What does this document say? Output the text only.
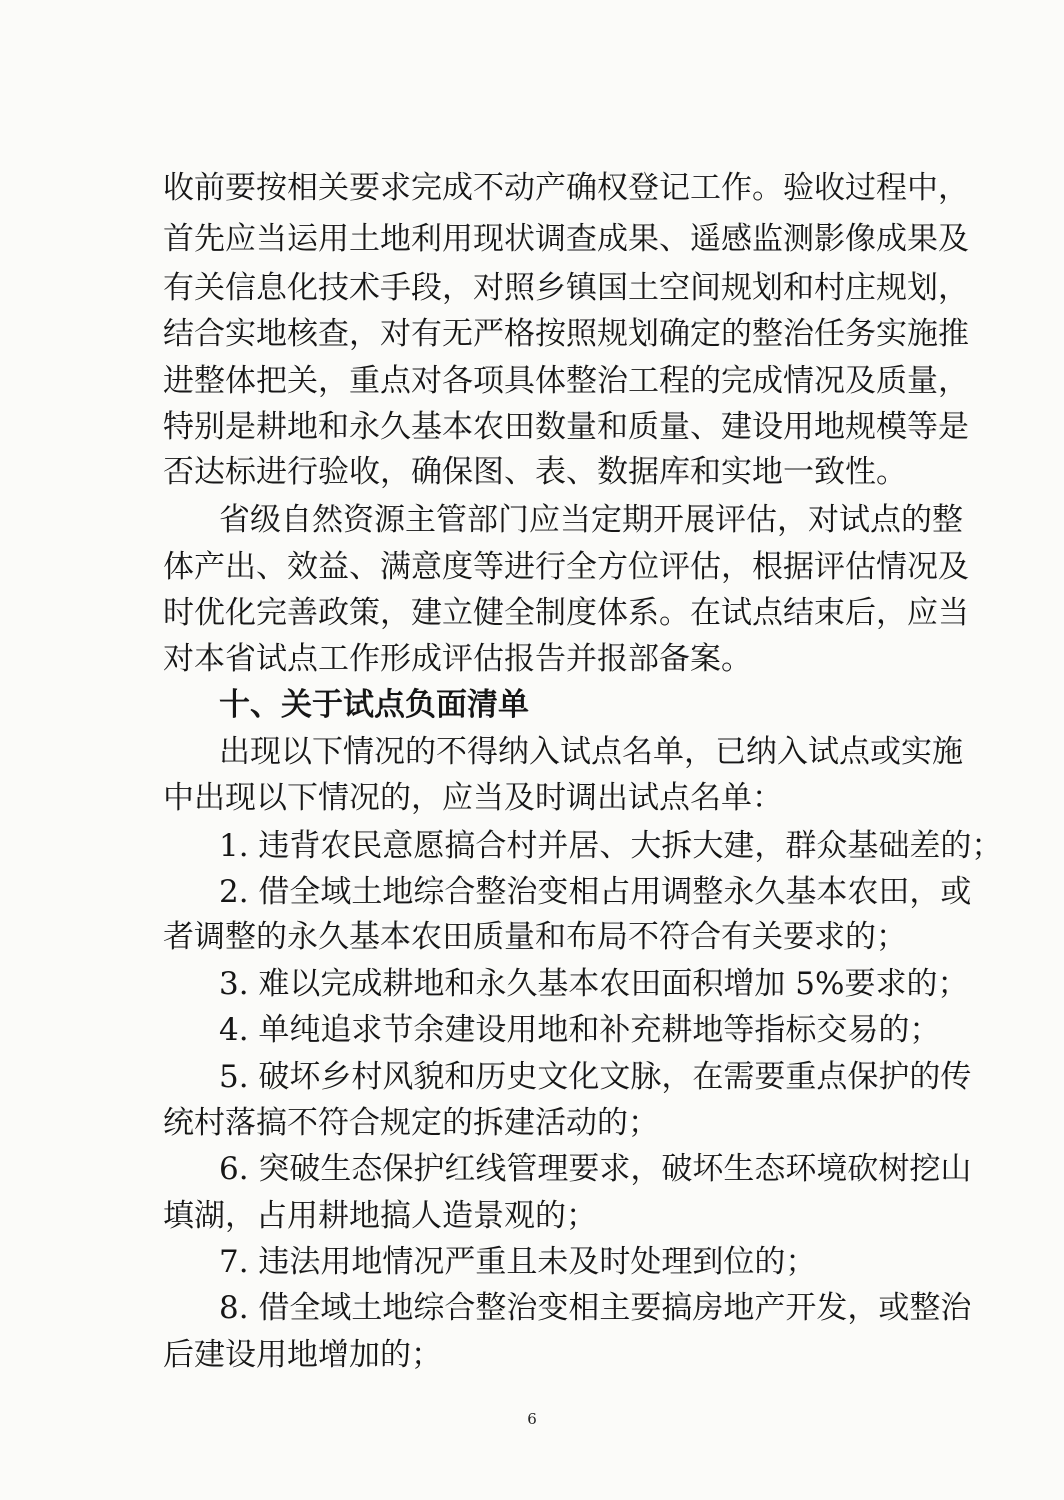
收前要按相关要求完成不动产确权登记工作。验收过程中，
首先应当运用土地利用现状调查成果、遥感监测影像成果及
有关信息化技术手段，对照乡镇国土空间规划和村庄规划，
结合实地核查，对有无严格按照规划确定的整治任务实施推
进整体把关，重点对各项具体整治工程的完成情况及质量，
特别是耕地和永久基本农田数量和质量、建设用地规模等是
否达标进行验收，确保图、表、数据库和实地一致性。
省级自然资源主管部门应当定期开展评估，对试点的整
体产出、效益、满意度等进行全方位评估，根据评估情况及
时优化完善政策，建立健全制度体系。在试点结束后，应当
对本省试点工作形成评估报告并报部备案。
十、关于试点负面清单
出现以下情况的不得纳入试点名单，已纳入试点或实施
中出现以下情况的，应当及时调出试点名单：
1. 违背农民意愿搞合村并居、大拆大建，群众基础差的；
2. 借全域土地综合整治变相占用调整永久基本农田，或
者调整的永久基本农田质量和布局不符合有关要求的；
3. 难以完成耕地和永久基本农田面积增加 5%要求的；
4. 单纯追求节余建设用地和补充耕地等指标交易的；
5. 破坏乡村风貌和历史文化文脉，在需要重点保护的传
统村落搞不符合规定的拆建活动的；
6. 突破生态保护红线管理要求，破坏生态环境砍树挖山
填湖，占用耕地搞人造景观的；
7. 违法用地情况严重且未及时处理到位的；
8. 借全域土地综合整治变相主要搞房地产开发，或整治
后建设用地增加的；
6
